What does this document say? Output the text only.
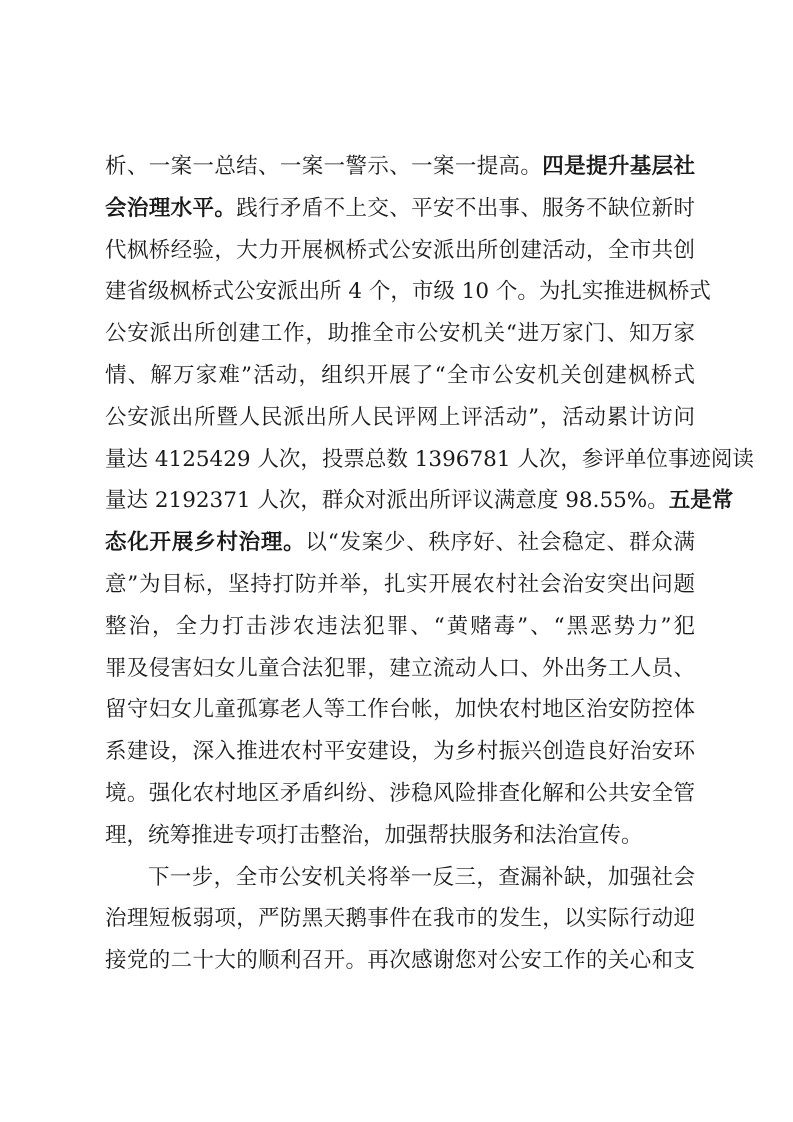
析、一案一总结、一案一警示、一案一提高。四是提升基层社
会治理水平。践行矛盾不上交、平安不出事、服务不缺位新时
代枫桥经验，大力开展枫桥式公安派出所创建活动，全市共创
建省级枫桥式公安派出所 4 个，市级 10 个。为扎实推进枫桥式
公安派出所创建工作，助推全市公安机关“进万家门、知万家
情、解万家难”活动，组织开展了“全市公安机关创建枫桥式
公安派出所暨人民派出所人民评网上评活动”，活动累计访问
量达 4125429 人次，投票总数 1396781 人次，参评单位事迹阅读
量达 2192371 人次，群众对派出所评议满意度 98.55%。五是常
态化开展乡村治理。以“发案少、秩序好、社会稳定、群众满
意”为目标，坚持打防并举，扎实开展农村社会治安突出问题
整治，全力打击涉农违法犯罪、“黄赌毒”、“黑恶势力”犯
罪及侵害妇女儿童合法犯罪，建立流动人口、外出务工人员、
留守妇女儿童孤寡老人等工作台帐，加快农村地区治安防控体
系建设，深入推进农村平安建设，为乡村振兴创造良好治安环
境。强化农村地区矛盾纠纷、涉稳风险排查化解和公共安全管
理，统筹推进专项打击整治，加强帮扶服务和法治宣传。
下一步，全市公安机关将举一反三，查漏补缺，加强社会
治理短板弱项，严防黑天鹅事件在我市的发生，以实际行动迎
接党的二十大的顺利召开。再次感谢您对公安工作的关心和支
